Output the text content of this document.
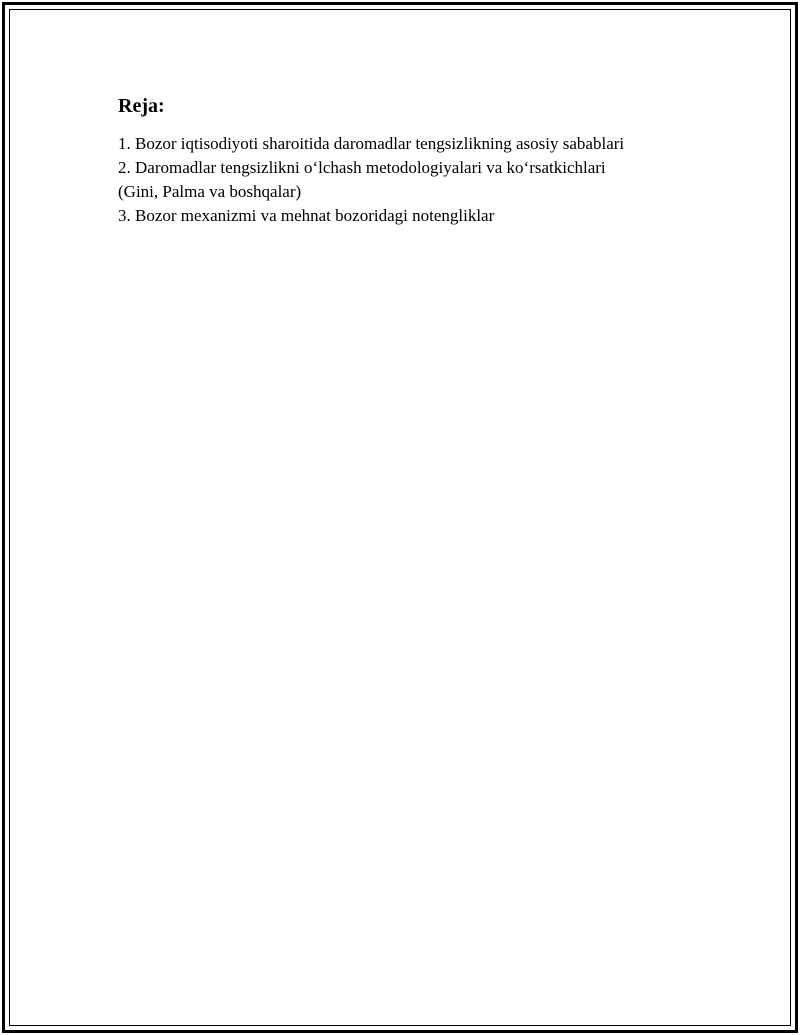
Reja:
1. Bozor iqtisodiyoti sharoitida daromadlar tengsizlikning asosiy sabablari
2. Daromadlar tengsizlikni o‘lchash metodologiyalari va ko‘rsatkichlari
(Gini, Palma va boshqalar)
3. Bozor mexanizmi va mehnat bozoridagi notengliklar
